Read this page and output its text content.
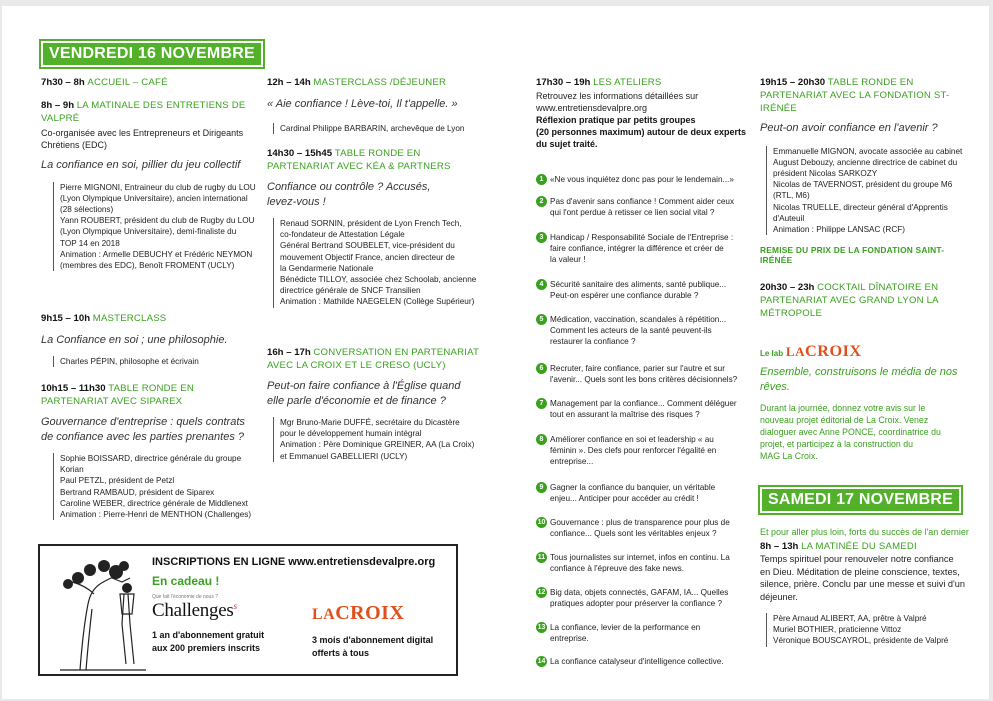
VENDREDI 16 NOVEMBRE
7h30 – 8h ACCUEIL – CAFÉ
8h – 9h LA MATINALE DES ENTRETIENS DE VALPRÉ
Co-organisée avec les Entrepreneurs et Dirigeants
Chrétiens (EDC)
La confiance en soi, pillier du jeu collectif
Pierre MIGNONI, Entraineur du club de rugby du LOU
(Lyon Olympique Universitaire), ancien international
(28 sélections)
Yann ROUBERT, président du club de Rugby du LOU
(Lyon Olympique Universitaire), demi-finaliste du
TOP 14 en 2018
Animation : Armelle DEBUCHY et Frédéric NEYMON
(membres des EDC), Benoît FROMENT (UCLY)
9h15 – 10h MASTERCLASS
La Confiance en soi ; une philosophie.
Charles PÉPIN, philosophe et écrivain
10h15 – 11h30 TABLE RONDE EN PARTENARIAT AVEC SIPAREX
Gouvernance d'entreprise : quels contrats
de confiance avec les parties prenantes ?
Sophie BOISSARD, directrice générale du groupe Korian
Paul PETZL, président de Petzl
Bertrand RAMBAUD, président de Siparex
Caroline WEBER, directrice générale de Middlenext
Animation : Pierre-Henri de MENTHON (Challenges)
12h – 14h MASTERCLASS /DÉJEUNER
« Aie confiance ! Lève-toi, Il t'appelle. »
Cardinal Philippe BARBARIN, archevêque de Lyon
14h30 – 15h45 TABLE RONDE EN PARTENARIAT AVEC KÉA & PARTNERS
Confiance ou contrôle ? Accusés,
levez-vous !
Renaud SORNIN, président de Lyon French Tech,
co-fondateur de Attestation Légale
Général Bertrand SOUBELET, vice-président du
mouvement Objectif France, ancien directeur de
la Gendarmerie Nationale
Bénédicte TILLOY, associée chez Schoolab, ancienne
directrice générale de SNCF Transilien
Animation : Mathilde NAEGELEN (Collège Supérieur)
16h – 17h CONVERSATION EN PARTENARIAT AVEC LA CROIX ET LE CRESO (UCLY)
Peut-on faire confiance à l'Église quand
elle parle d'économie et de finance ?
Mgr Bruno-Marie DUFFÉ, secrétaire du Dicastère
pour le développement humain intégral
Animation : Père Dominique GREINER, AA (La Croix)
et Emmanuel GABELLIERI (UCLY)
17h30 – 19h LES ATELIERS
Retrouvez les informations détaillées sur
www.entretiensdevalpre.org
Réflexion pratique par petits groupes
(20 personnes maximum) autour de deux experts
du sujet traité.
1 «Ne vous inquiétez donc pas pour le lendemain...»
2 Pas d'avenir sans confiance ! Comment aider ceux
qui l'ont perdue à retisser ce lien social vital ?
3 Handicap / Responsabilité Sociale de l'Entreprise :
faire confiance, intégrer la différence et créer de
la valeur !
4 Sécurité sanitaire des aliments, santé publique...
Peut-on espérer une confiance durable ?
5 Médication, vaccination, scandales à répétition...
Comment les acteurs de la santé peuvent-ils
restaurer la confiance ?
6 Recruter, faire confiance, parier sur l'autre et sur
l'avenir... Quels sont les bons critères décisionnels?
7 Management par la confiance... Comment déléguer
tout en assurant la maîtrise des risques ?
8 Améliorer confiance en soi et leadership « au
féminin ». Des clefs pour renforcer l'égalité en
entreprise...
9 Gagner la confiance du banquier, un véritable
enjeu... Anticiper pour accéder au crédit !
10 Gouvernance : plus de transparence pour plus de
confiance... Quels sont les véritables enjeux ?
11 Tous journalistes sur internet, infos en continu. La
confiance à l'épreuve des fake news.
12 Big data, objets connectés, GAFAM, IA... Quelles
pratiques adopter pour préserver la confiance ?
13 La confiance, levier de la performance en
entreprise.
14 La confiance catalyseur d'intelligence collective.
19h15 – 20h30 TABLE RONDE EN PARTENARIAT AVEC LA FONDATION ST-IRÉNÉE
Peut-on avoir confiance en l'avenir ?
Emmanuelle MIGNON, avocate associée au cabinet
August Debouzy, ancienne directrice de cabinet du
président Nicolas SARKOZY
Nicolas de TAVERNOST, président du groupe M6
(RTL, M6)
Nicolas TRUELLE, directeur général d'Apprentis
d'Auteuil
Animation : Philippe LANSAC (RCF)
REMISE DU PRIX DE LA FONDATION SAINT-IRÉNÉE
20h30 – 23h COCKTAIL DÎNATOIRE EN PARTENARIAT AVEC GRAND LYON LA MÉTROPOLE
Le lab LACROIX
Ensemble, construisons le média de nos
rêves.
Durant la journée, donnez votre avis sur le
nouveau projet éditorial de La Croix. Venez
dialoguer avec Anne PONCE, coordinatrice du
projet, et participez à la construction du
MAG La Croix.
SAMEDI 17 NOVEMBRE
Et pour aller plus loin, forts du succès de l'an dernier
8h – 13h LA MATINÉE DU SAMEDI
Temps spirituel pour renouveler notre confiance
en Dieu. Méditation de pleine conscience, textes,
silence, prière. Conclu par une messe et suivi d'un
déjeuner.
Père Arnaud ALIBERT, AA, prêtre à Valpré
Muriel BOTHIER, praticienne Vittoz
Véronique BOUSCAYROL, présidente de Valpré
INSCRIPTIONS EN LIGNE www.entretiensdevalpre.org
En cadeau !
Que fait l'économie de nous ?
Challenges s
1 an d'abonnement gratuit
aux 200 premiers inscrits
LACROIX
3 mois d'abonnement digital
offerts à tous
